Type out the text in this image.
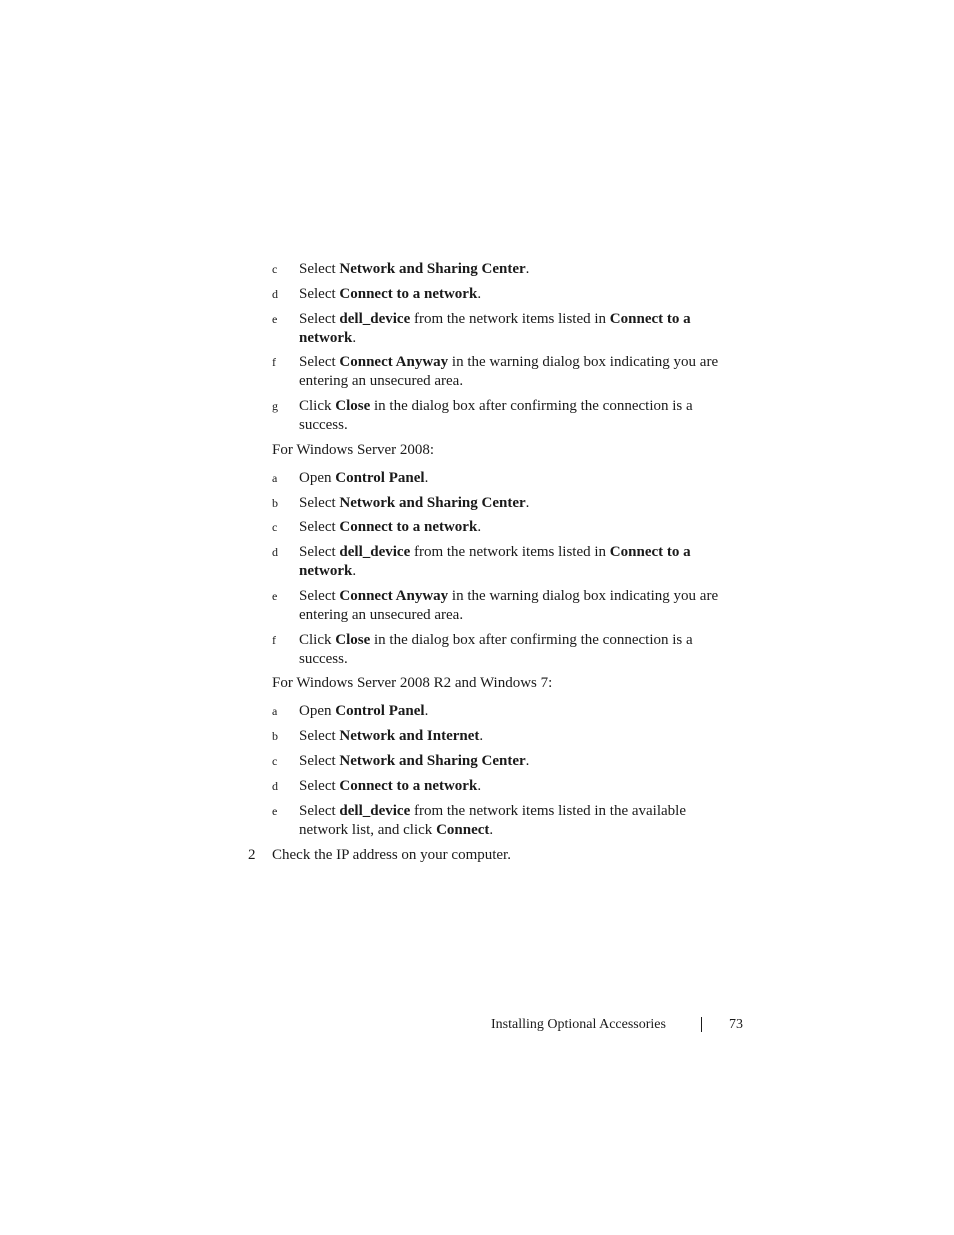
c Select Network and Sharing Center.
d Select Connect to a network.
e Select dell_device from the network items listed in Connect to a network.
f Select Connect Anyway in the warning dialog box indicating you are entering an unsecured area.
g Click Close in the dialog box after confirming the connection is a success.
For Windows Server 2008:
a Open Control Panel.
b Select Network and Sharing Center.
c Select Connect to a network.
d Select dell_device from the network items listed in Connect to a network.
e Select Connect Anyway in the warning dialog box indicating you are entering an unsecured area.
f Click Close in the dialog box after confirming the connection is a success.
For Windows Server 2008 R2 and Windows 7:
a Open Control Panel.
b Select Network and Internet.
c Select Network and Sharing Center.
d Select Connect to a network.
e Select dell_device from the network items listed in the available network list, and click Connect.
2 Check the IP address on your computer.
Installing Optional Accessories	73
